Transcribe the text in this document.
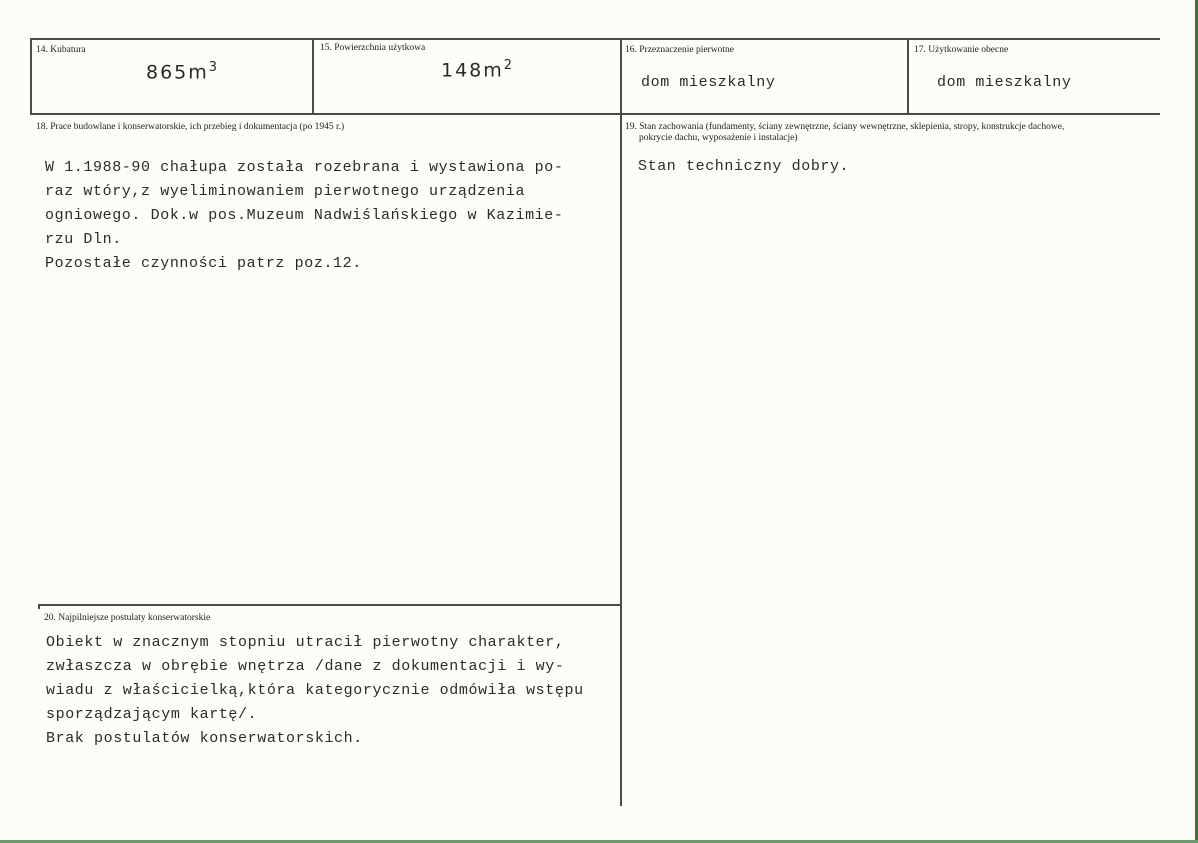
14. Kubatura
$865m^3$
15. Powierzchnia użytkowa
$148m^2$
16. Przeznaczenie pierwotne
dom mieszkalny
17. Użytkowanie obecne
dom mieszkalny
18. Prace budowlane i konserwatorskie, ich przebieg i dokumentacja (po 1945 r.)
W 1.1988-90 chałupa została rozebrana i wystawiona po-
raz wtóry,z wyeliminowaniem pierwotnego urządzenia
ogniowego. Dok.w pos.Muzeum Nadwiślańskiego w Kazimie-
rzu Dln.
Pozostałe czynności patrz poz.12.
19. Stan zachowania (fundamenty, ściany zewnętrzne, ściany wewnętrzne, sklepienia, stropy, konstrukcje dachowe,
pokrycie dachu, wyposażenie i instalacje)
Stan techniczny dobry.
20. Najpilniejsze postulaty konserwatorskie
Obiekt w znacznym stopniu utracił pierwotny charakter,
zwłaszcza w obrębie wnętrza /dane z dokumentacji i wy-
wiadu z właścicielką,która kategorycznie odmówiła wstępu
sporządzającym kartę/.
Brak postulatów konserwatorskich.
